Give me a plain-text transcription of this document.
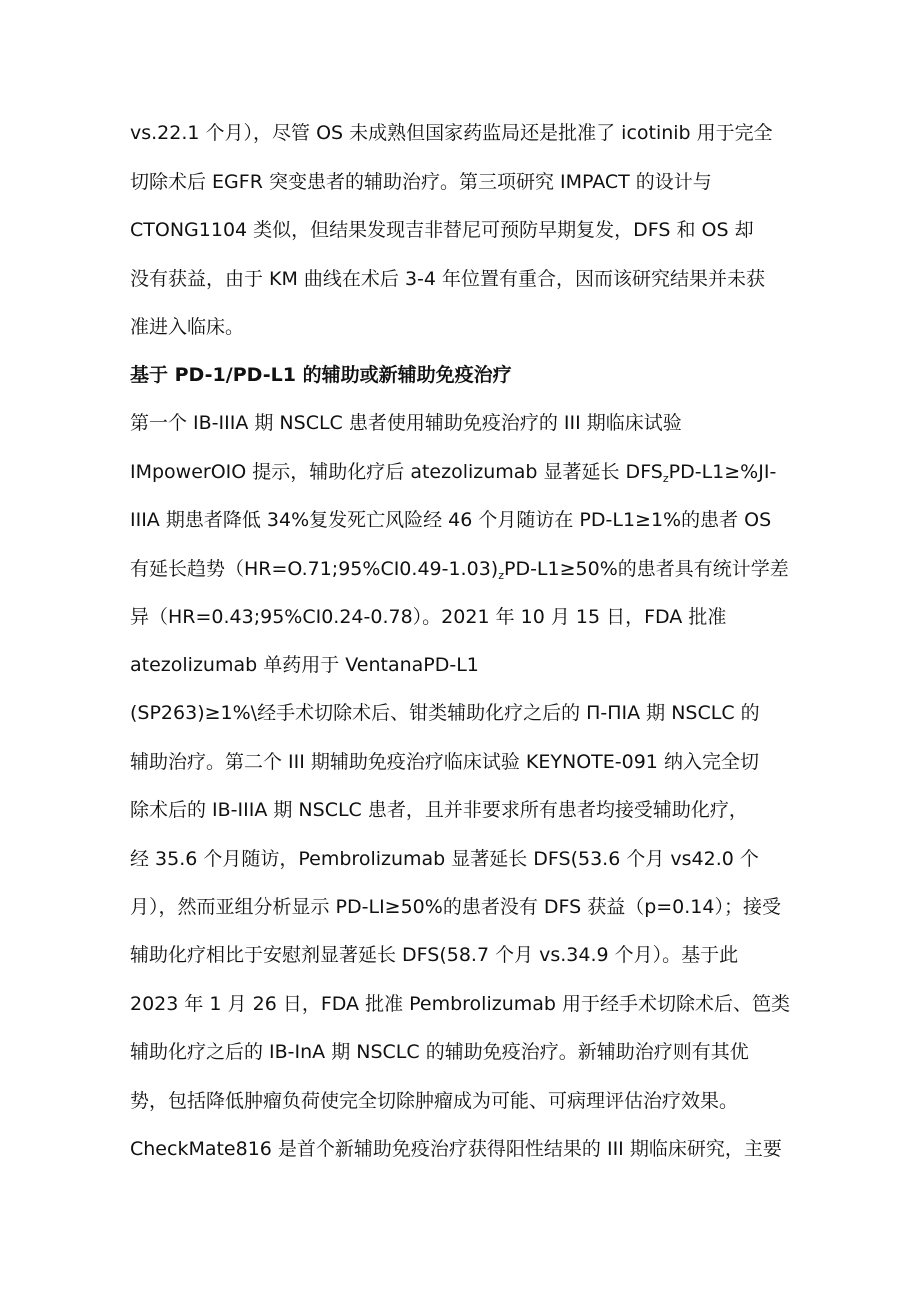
vs.22.1 个月），尽管 OS 未成熟但国家药监局还是批准了 icotinib 用于完全
切除术后 EGFR 突变患者的辅助治疗。第三项研究 IMPACT 的设计与
CTONG1104 类似，但结果发现吉非替尼可预防早期复发，DFS 和 OS 却
没有获益，由于 KM 曲线在术后 3-4 年位置有重合，因而该研究结果并未获
准进入临床。
基于 PD-1/PD-L1 的辅助或新辅助免疫治疗
第一个 IB-IIIA 期 NSCLC 患者使用辅助免疫治疗的 III 期临床试验
IMpowerOIO 提示，辅助化疗后 atezolizumab 显著延长 $DFS_zPD-L1\ge\%JI-$
IIIA 期患者降低 34%复发死亡风险经 46 个月随访在 PD-L1≥1%的患者 OS
有延长趋势$(HR=O.71;95\%CI0.49-1.03)_zPD-L1\ge 50\%$的患者具有统计学差
异（HR=0.43;95%CI0.24-0.78）。2021 年 10 月 15 日，FDA 批准
atezolizumab 单药用于 VentanaPD-L1
(SP263)≥1%\经手术切除术后、钳类辅助化疗之后的 П-ПIA 期 NSCLC 的
辅助治疗。第二个 III 期辅助免疫治疗临床试验 KEYNOTE-091 纳入完全切
除术后的 IB-IIIA 期 NSCLC 患者，且并非要求所有患者均接受辅助化疗，
经 35.6 个月随访，Pembrolizumab 显著延长 DFS(53.6 个月 vs42.0 个
月），然而亚组分析显示 PD-LI≥50%的患者没有 DFS 获益（p=0.14）；接受
辅助化疗相比于安慰剂显著延长 DFS(58.7 个月 vs.34.9 个月）。基于此
2023 年 1 月 26 日，FDA 批准 Pembrolizumab 用于经手术切除术后、笆类
辅助化疗之后的 IB-InA 期 NSCLC 的辅助免疫治疗。新辅助治疗则有其优
势，包括降低肿瘤负荷使完全切除肿瘤成为可能、可病理评估治疗效果。
CheckMate816 是首个新辅助免疫治疗获得阳性结果的 III 期临床研究，主要
